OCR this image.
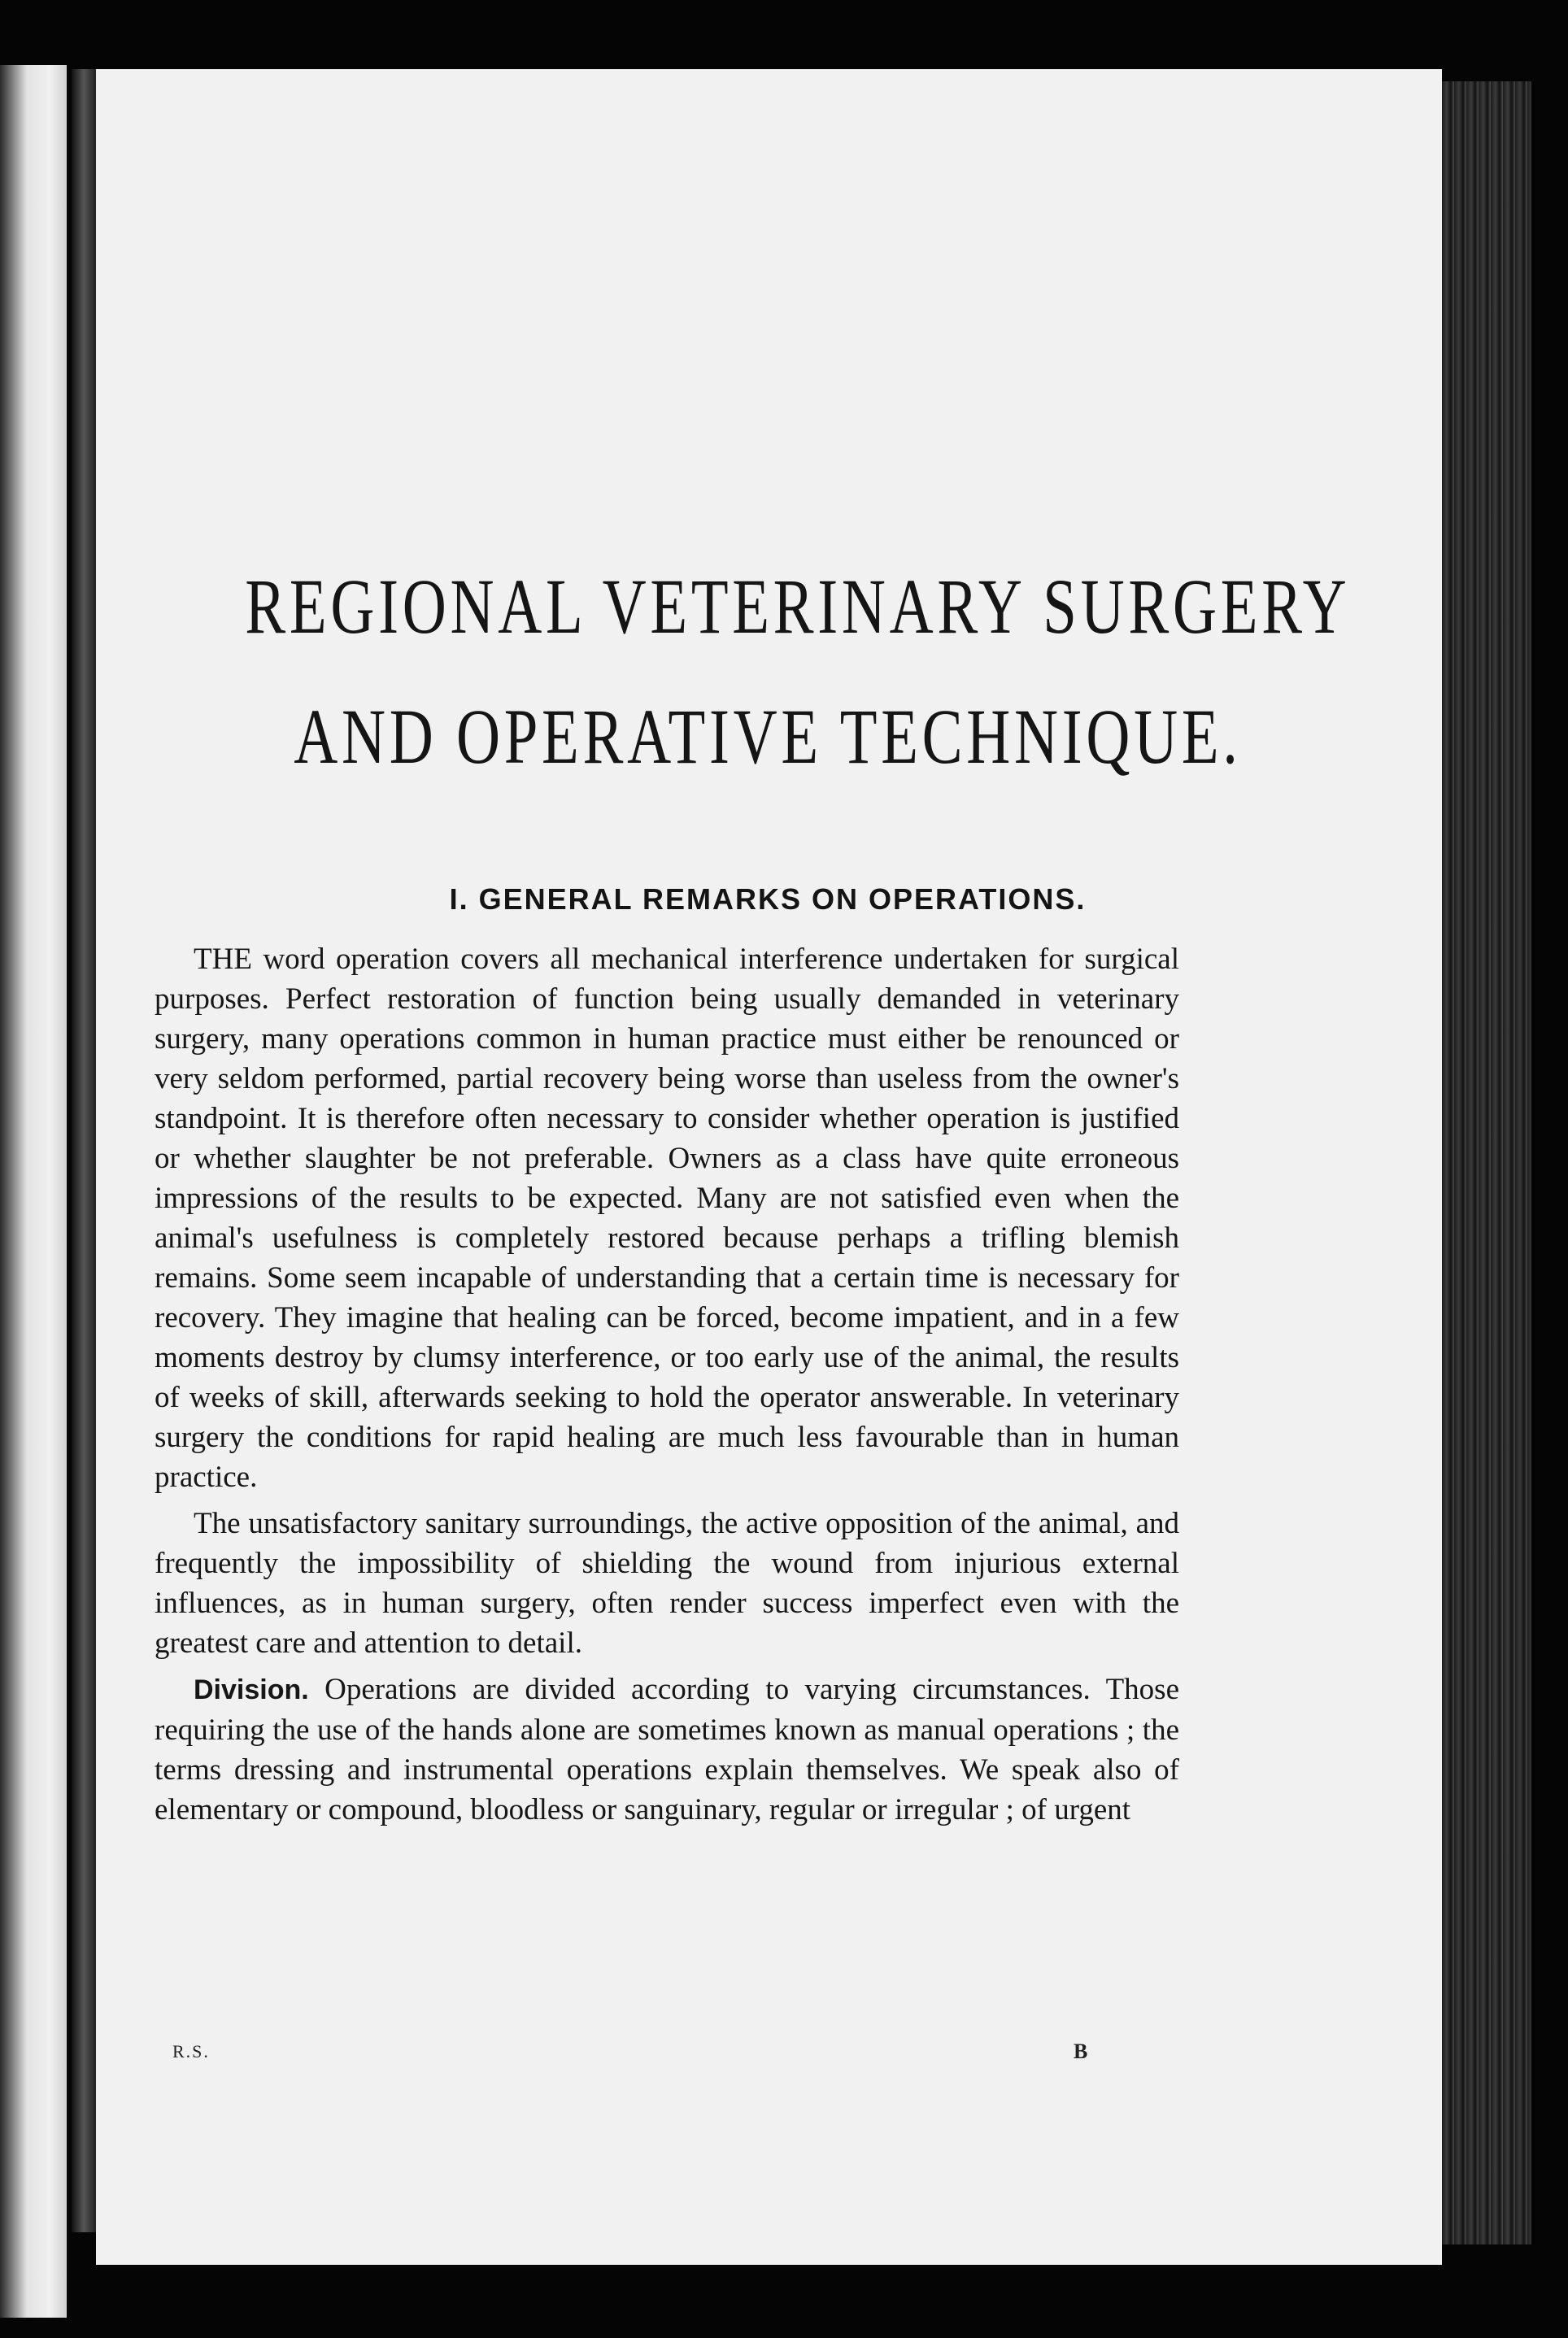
REGIONAL VETERINARY SURGERY
AND OPERATIVE TECHNIQUE.
I. GENERAL REMARKS ON OPERATIONS.

THE word operation covers all mechanical interference undertaken for surgical purposes. Perfect restoration of function being usually demanded in veterinary surgery, many operations common in human practice must either be renounced or very seldom performed, partial recovery being worse than useless from the owner's standpoint. It is therefore often necessary to consider whether operation is justified or whether slaughter be not preferable. Owners as a class have quite erroneous impressions of the results to be expected. Many are not satisfied even when the animal's usefulness is completely restored because perhaps a trifling blemish remains. Some seem incapable of understanding that a certain time is necessary for recovery. They imagine that healing can be forced, become impatient, and in a few moments destroy by clumsy interference, or too early use of the animal, the results of weeks of skill, afterwards seeking to hold the operator answerable. In veterinary surgery the conditions for rapid healing are much less favourable than in human practice.

The unsatisfactory sanitary surroundings, the active opposition of the animal, and frequently the impossibility of shielding the wound from injurious external influences, as in human surgery, often render success imperfect even with the greatest care and attention to detail.

Division. Operations are divided according to varying circumstances. Those requiring the use of the hands alone are sometimes known as manual operations ; the terms dressing and instrumental operations explain themselves. We speak also of elementary or compound, bloodless or sanguinary, regular or irregular ; of urgent

R.S.	B
